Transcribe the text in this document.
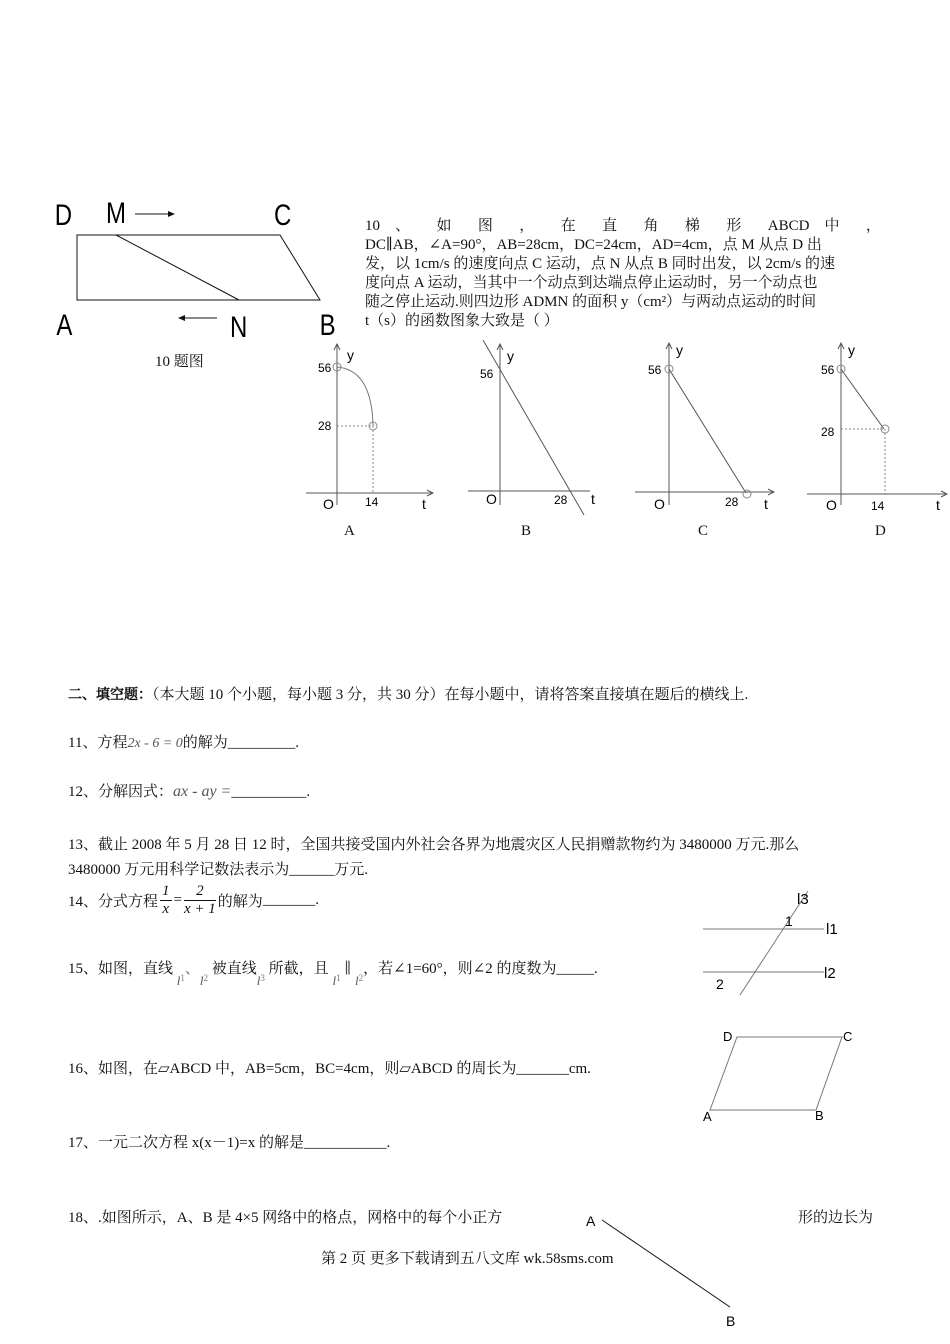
D M	C
A	N B
10 题图
10 、 如 图 ， 在 直 角 梯 形 ABCD 中 ，
DC∥AB，∠A=90°，AB=28cm，DC=24cm，AD=4cm，点 M 从点 D 出
发，以 1cm/s 的速度向点 C 运动，点 N 从点 B 同时出发，以 2cm/s 的速
度向点 A 运动，当其中一个动点到达端点停止运动时，另一个动点也
随之停止运动.则四边形 ADMN 的面积 y（cm²）与两动点运动的时间
t（s）的函数图象大致是（ ）
y
56
28
O	14	t
A
y
56
O	28 t
B
y
56
O	28 t
C
y
56
28
O	14	t
D
二、填空题：（本大题 10 个小题，每小题 3 分，共 30 分）在每小题中，请将答案直接填在题后的横线上.
11、方程2x - 6 = 0的解为_________.
12、分解因式：ax - ay =__________.
13、截止 2008 年 5 月 28 日 12 时，全国共接受国内外社会各界为地震灾区人民捐赠款物约为 3480000 万元.那么
3480000 万元用科学记数法表示为______万元.
14、分式方程 $\frac{1}{x} = \frac{2}{x + 1}$ 的解为_______.
15、如图，直线 $l_1$、$l_2$ 被直线$l_3$ 所截，且 $l_1$ ∥ $l_2$，若∠1=60°，则∠2 的度数为_____.
l3
1 l1
l2
2
16、如图，在▱ABCD 中，AB=5cm，BC=4cm，则▱ABCD 的周长为_______cm.
D	C
A	B
17、一元二次方程 x(x－1)=x 的解是___________.
18、.如图所示，A、B 是 4×5 网络中的格点，网格中的每个小正方	形的边长为
A
B
第 2 页 更多下载请到五八文库 wk.58sms.com
